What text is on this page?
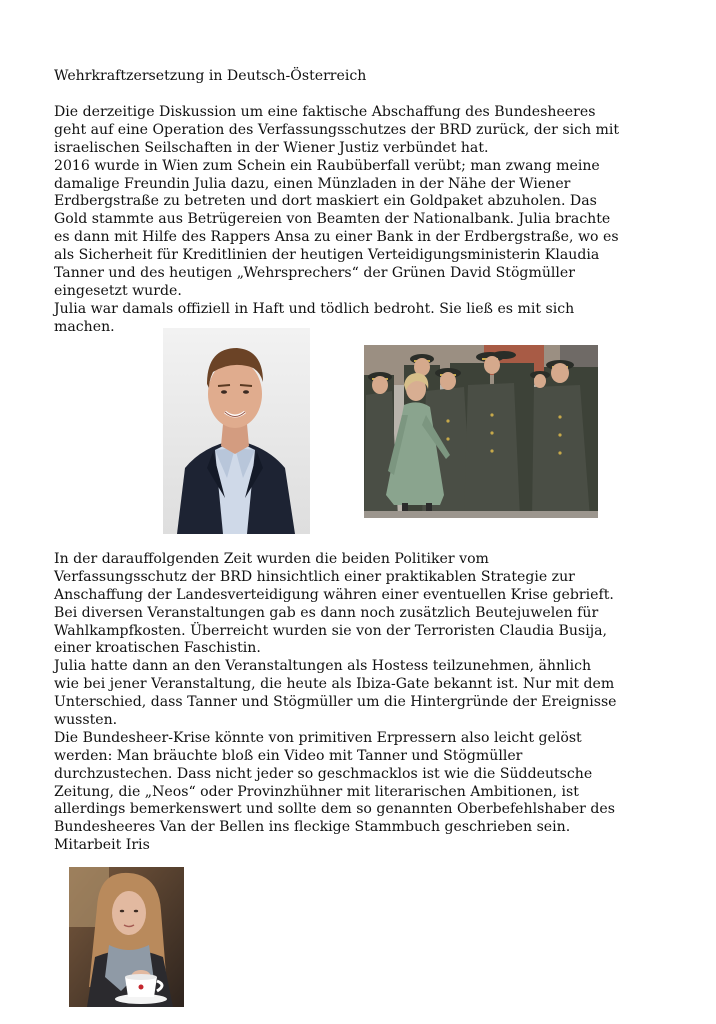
Wehrkraftzersetzung in Deutsch-Österreich
Die derzeitige Diskussion um eine faktische Abschaffung des Bundesheeres
geht auf eine Operation des Verfassungsschutzes der BRD zurück, der sich mit
israelischen Seilschaften in der Wiener Justiz verbündet hat.
2016 wurde in Wien zum Schein ein Raubüberfall verübt; man zwang meine
damalige Freundin Julia dazu, einen Münzladen in der Nähe der Wiener
Erdbergstraße zu betreten und dort maskiert ein Goldpaket abzuholen. Das
Gold stammte aus Betrügereien von Beamten der Nationalbank. Julia brachte
es dann mit Hilfe des Rappers Ansa zu einer Bank in der Erdbergstraße, wo es
als Sicherheit für Kreditlinien der heutigen Verteidigungsministerin Klaudia
Tanner und des heutigen „Wehrsprechers“ der Grünen David Stögmüller
eingesetzt wurde.
Julia war damals offiziell in Haft und tödlich bedroht. Sie ließ es mit sich
machen.
In der darauffolgenden Zeit wurden die beiden Politiker vom
Verfassungsschutz der BRD hinsichtlich einer praktikablen Strategie zur
Anschaffung der Landesverteidigung währen einer eventuellen Krise gebrieft.
Bei diversen Veranstaltungen gab es dann noch zusätzlich Beutejuwelen für
Wahlkampfkosten. Überreicht wurden sie von der Terroristen Claudia Busija,
einer kroatischen Faschistin.
Julia hatte dann an den Veranstaltungen als Hostess teilzunehmen, ähnlich
wie bei jener Veranstaltung, die heute als Ibiza-Gate bekannt ist. Nur mit dem
Unterschied, dass Tanner und Stögmüller um die Hintergründe der Ereignisse
wussten.
Die Bundesheer-Krise könnte von primitiven Erpressern also leicht gelöst
werden: Man bräuchte bloß ein Video mit Tanner und Stögmüller
durchzustechen. Dass nicht jeder so geschmacklos ist wie die Süddeutsche
Zeitung, die „Neos“ oder Provinzhühner mit literarischen Ambitionen, ist
allerdings bemerkenswert und sollte dem so genannten Oberbefehlshaber des
Bundesheeres Van der Bellen ins fleckige Stammbuch geschrieben sein.
Mitarbeit Iris
